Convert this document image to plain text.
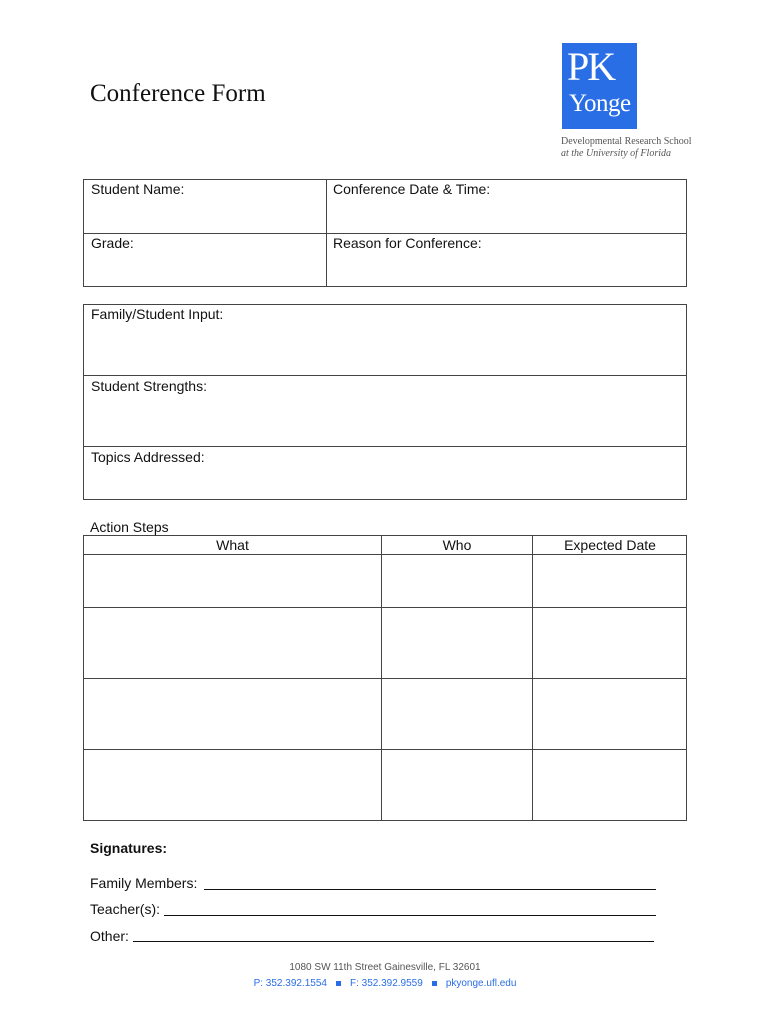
Conference Form
PK
Yonge
Developmental Research School
at the University of Florida
Student Name:	Conference Date & Time:
Grade:	Reason for Conference:
Family/Student Input:
Student Strengths:
Topics Addressed:
Action Steps
What	Who	Expected Date
Signatures:
Family Members:
Teacher(s):
Other:
1080 SW 11th Street Gainesville, FL 32601
P: 352.392.1554 F: 352.392.9559 pkyonge.ufl.edu
